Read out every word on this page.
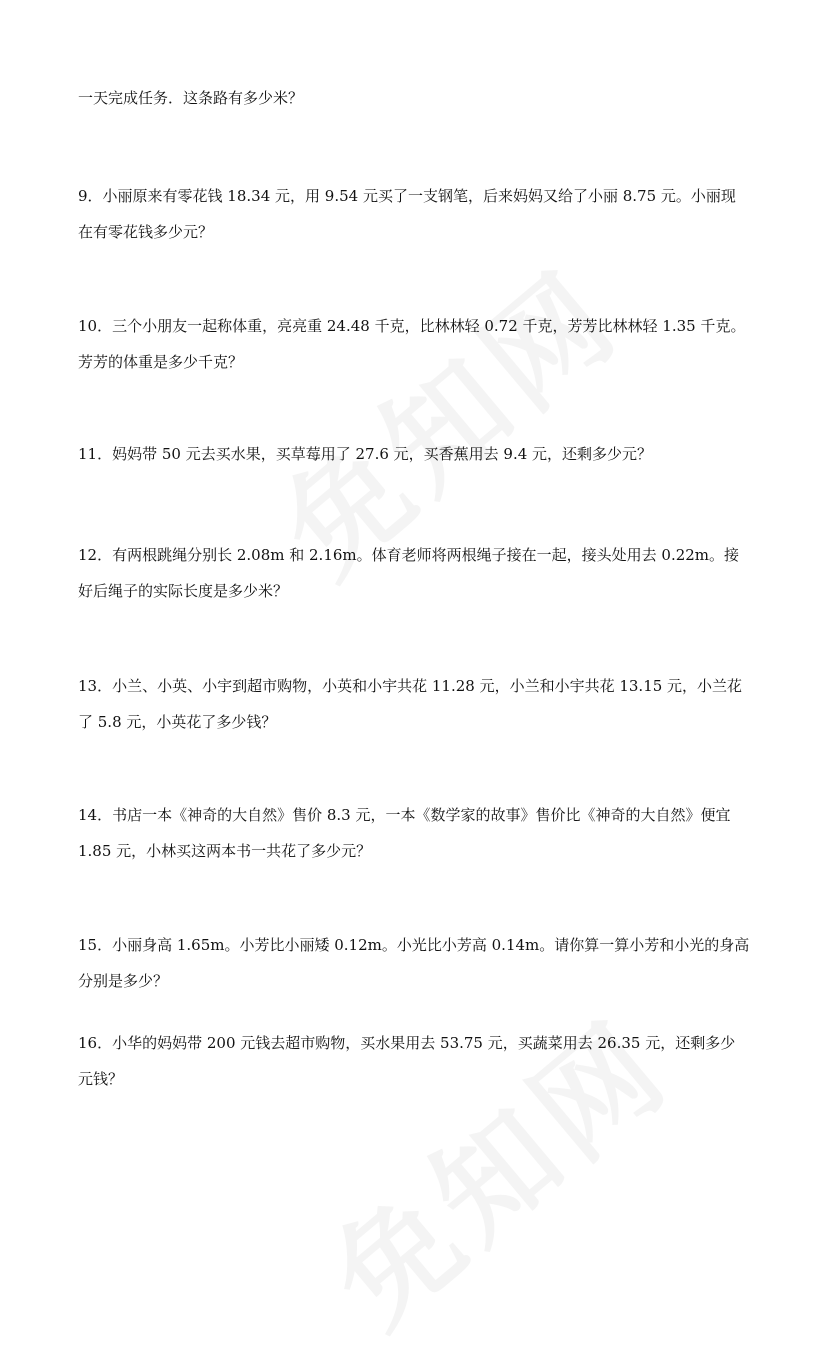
一天完成任务．这条路有多少米？

9．小丽原来有零花钱 18.34 元，用 9.54 元买了一支钢笔，后来妈妈又给了小丽 8.75 元。小丽现在有零花钱多少元？

10．三个小朋友一起称体重，亮亮重 24.48 千克，比林林轻 0.72 千克，芳芳比林林轻 1.35 千克。芳芳的体重是多少千克？

11．妈妈带 50 元去买水果，买草莓用了 27.6 元，买香蕉用去 9.4 元，还剩多少元？

12．有两根跳绳分别长 2.08m 和 2.16m。体育老师将两根绳子接在一起，接头处用去 0.22m。接好后绳子的实际长度是多少米？

13．小兰、小英、小宇到超市购物，小英和小宇共花 11.28 元，小兰和小宇共花 13.15 元，小兰花了 5.8 元，小英花了多少钱？

14．书店一本《神奇的大自然》售价 8.3 元，一本《数学家的故事》售价比《神奇的大自然》便宜 1.85 元，小林买这两本书一共花了多少元？

15．小丽身高 1.65m。小芳比小丽矮 0.12m。小光比小芳高 0.14m。请你算一算小芳和小光的身高分别是多少？

16．小华的妈妈带 200 元钱去超市购物，买水果用去 53.75 元，买蔬菜用去 26.35 元，还剩多少元钱？
